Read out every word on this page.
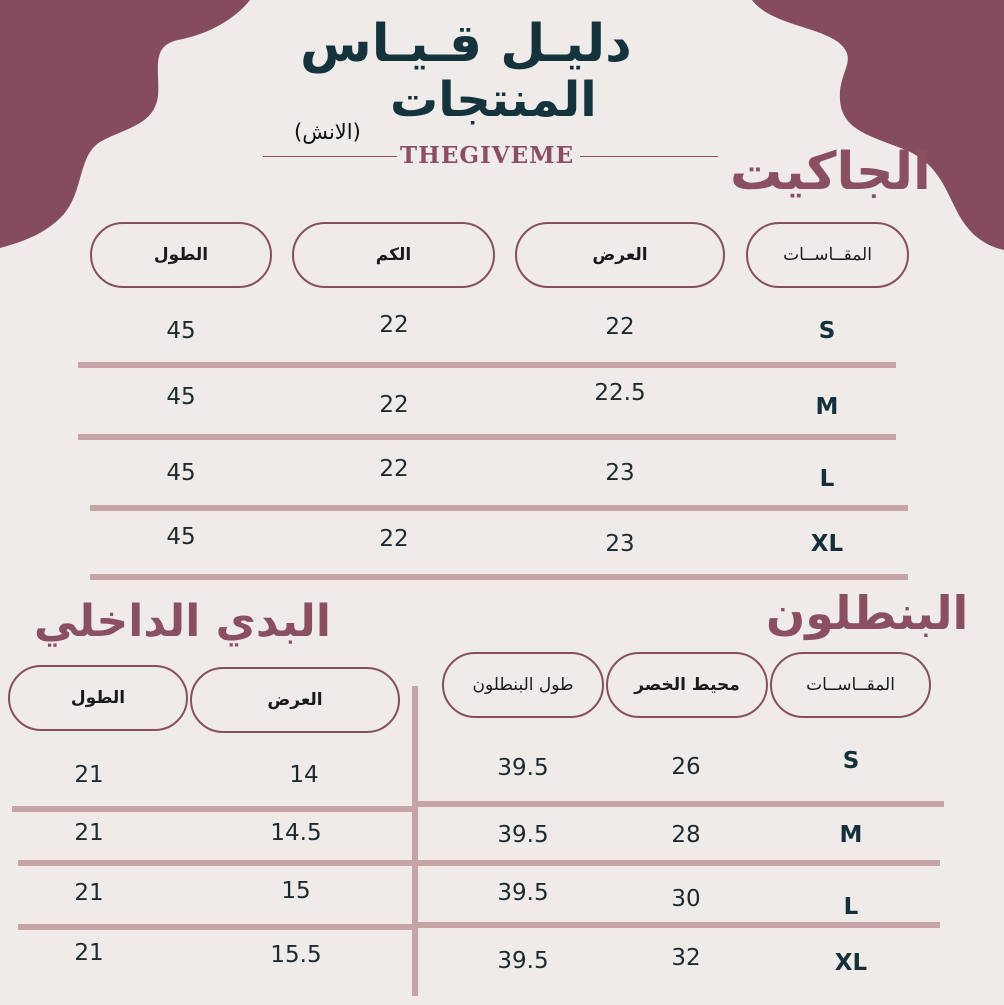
دليـل قـيـاس
المنتجات
(الانش)
THEGIVEME	الجاكيت
المقــاســات
العرض
الكم
الطول
S
22
22
45
M
22.5
22
45
L
23
22
45
XL
23
22
45
البنطلون
المقــاســات
محيط الخصر
طول البنطلون
S
26
39.5
M
28
39.5
L
30
39.5
XL
32
39.5
البدي الداخلي
العرض
الطول
14
21
14.5
21
15
21
15.5
21
